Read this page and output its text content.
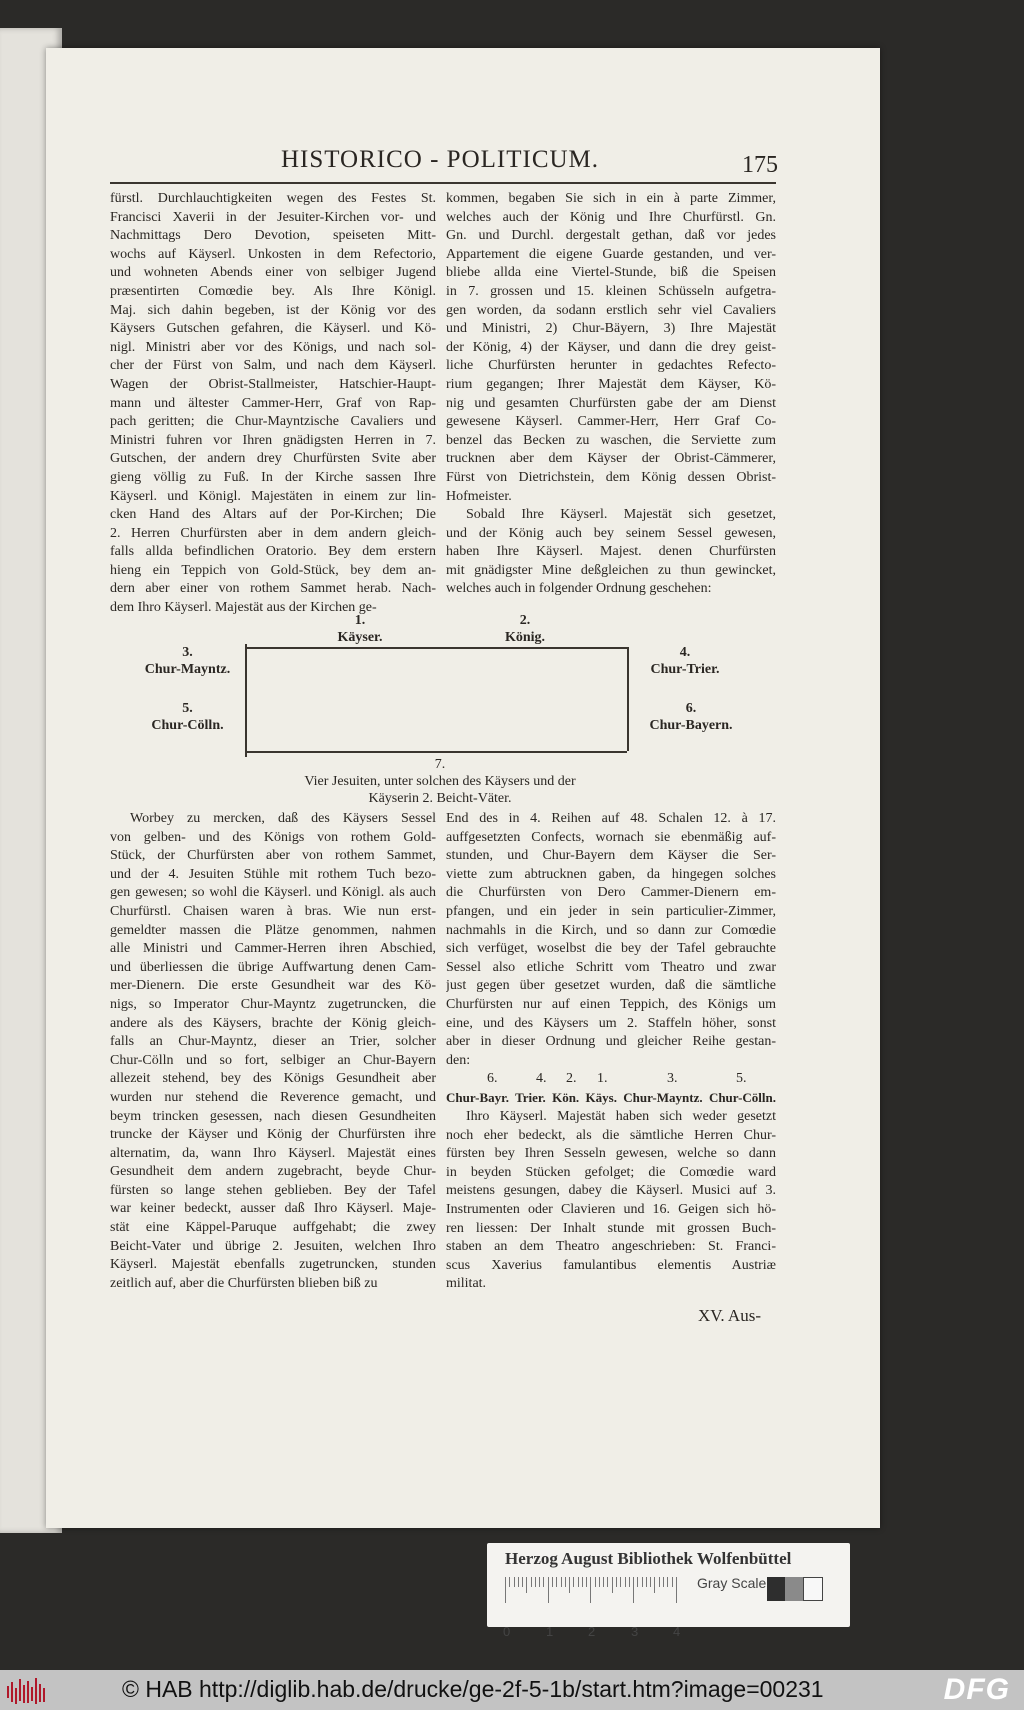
HISTORICO - POLITICUM.	175
fürstl. Durchlauchtigkeiten wegen des Festes St.
Francisci Xaverii in der Jesuiter-Kirchen vor- und
Nachmittags Dero Devotion, speiseten Mitt-
wochs auf Käyserl. Unkosten in dem Refectorio,
und wohneten Abends einer von selbiger Jugend
præsentirten Comœdie bey. Als Ihre Königl.
Maj. sich dahin begeben, ist der König vor des
Käysers Gutschen gefahren, die Käyserl. und Kö-
nigl. Ministri aber vor des Königs, und nach sol-
cher der Fürst von Salm, und nach dem Käyserl.
Wagen der Obrist-Stallmeister, Hatschier-Haupt-
mann und ältester Cammer-Herr, Graf von Rap-
pach geritten; die Chur-Mayntzische Cavaliers und
Ministri fuhren vor Ihren gnädigsten Herren in 7.
Gutschen, der andern drey Churfürsten Svite aber
gieng völlig zu Fuß. In der Kirche sassen Ihre
Käyserl. und Königl. Majestäten in einem zur lin-
cken Hand des Altars auf der Por-Kirchen; Die
2. Herren Churfürsten aber in dem andern gleich-
falls allda befindlichen Oratorio. Bey dem erstern
hieng ein Teppich von Gold-Stück, bey dem an-
dern aber einer von rothem Sammet herab. Nach-
dem Ihro Käyserl. Majestät aus der Kirchen ge-
kommen, begaben Sie sich in ein à parte Zimmer,
welches auch der König und Ihre Churfürstl. Gn.
Gn. und Durchl. dergestalt gethan, daß vor jedes
Appartement die eigene Guarde gestanden, und ver-
bliebe allda eine Viertel-Stunde, biß die Speisen
in 7. grossen und 15. kleinen Schüsseln aufgetra-
gen worden, da sodann erstlich sehr viel Cavaliers
und Ministri, 2) Chur-Bäyern, 3) Ihre Majestät
der König, 4) der Käyser, und dann die drey geist-
liche Churfürsten herunter in gedachtes Refecto-
rium gegangen; Ihrer Majestät dem Käyser, Kö-
nig und gesamten Churfürsten gabe der am Dienst
gewesene Käyserl. Cammer-Herr, Herr Graf Co-
benzel das Becken zu waschen, die Serviette zum
trucknen aber dem Käyser der Obrist-Cämmerer,
Fürst von Dietrichstein, dem König dessen Obrist-
Hofmeister.
Sobald Ihre Käyserl. Majestät sich gesetzet,
und der König auch bey seinem Sessel gewesen,
haben Ihre Käyserl. Majest. denen Churfürsten
mit gnädigster Mine deßgleichen zu thun gewincket,
welches auch in folgender Ordnung geschehen:
1.
Käyser.
2.
König.
3.
Chur-Mayntz.
5.
Chur-Cölln.
4.
Chur-Trier.
6.
Chur-Bayern.
7.
Vier Jesuiten, unter solchen des Käysers und der
Käyserin 2. Beicht-Väter.
Worbey zu mercken, daß des Käysers Sessel
von gelben- und des Königs von rothem Gold-
Stück, der Churfürsten aber von rothem Sammet,
und der 4. Jesuiten Stühle mit rothem Tuch bezo-
gen gewesen; so wohl die Käyserl. und Königl. als auch
Churfürstl. Chaisen waren à bras. Wie nun erst-
gemeldter massen die Plätze genommen, nahmen
alle Ministri und Cammer-Herren ihren Abschied,
und überliessen die übrige Auffwartung denen Cam-
mer-Dienern. Die erste Gesundheit war des Kö-
nigs, so Imperator Chur-Mayntz zugetruncken, die
andere als des Käysers, brachte der König gleich-
falls an Chur-Mayntz, dieser an Trier, solcher
Chur-Cölln und so fort, selbiger an Chur-Bayern
allezeit stehend, bey des Königs Gesundheit aber
wurden nur stehend die Reverence gemacht, und
beym trincken gesessen, nach diesen Gesundheiten
truncke der Käyser und König der Churfürsten ihre
alternatim, da, wann Ihro Käyserl. Majestät eines
Gesundheit dem andern zugebracht, beyde Chur-
fürsten so lange stehen geblieben. Bey der Tafel
war keiner bedeckt, ausser daß Ihro Käyserl. Maje-
stät eine Käppel-Paruque auffgehabt; die zwey
Beicht-Vater und übrige 2. Jesuiten, welchen Ihro
Käyserl. Majestät ebenfalls zugetruncken, stunden
zeitlich auf, aber die Churfürsten blieben biß zu
End des in 4. Reihen auf 48. Schalen 12. à 17.
auffgesetzten Confects, wornach sie ebenmäßig auf-
stunden, und Chur-Bayern dem Käyser die Ser-
viette zum abtrucknen gaben, da hingegen solches
die Churfürsten von Dero Cammer-Dienern em-
pfangen, und ein jeder in sein particulier-Zimmer,
nachmahls in die Kirch, und so dann zur Comœdie
sich verfüget, woselbst die bey der Tafel gebrauchte
Sessel also etliche Schritt vom Theatro und zwar
just gegen über gesetzet wurden, daß die sämtliche
Churfürsten nur auf einen Teppich, des Königs um
eine, und des Käysers um 2. Staffeln höher, sonst
aber in dieser Ordnung und gleicher Reihe gestan-
den:
6.	4. 2. 1.	3.	5.
Chur-Bayr. Trier. Kön. Käys. Chur-Mayntz. Chur-Cölln.
Ihro Käyserl. Majestät haben sich weder gesetzt
noch eher bedeckt, als die sämtliche Herren Chur-
fürsten bey Ihren Sesseln gewesen, welche so dann
in beyden Stücken gefolget; die Comœdie ward
meistens gesungen, dabey die Käyserl. Musici auf 3.
Instrumenten oder Clavieren und 16. Geigen sich hö-
ren liessen: Der Inhalt stunde mit grossen Buch-
staben an dem Theatro angeschrieben: St. Franci-
scus Xaverius famulantibus elementis Austriæ
militat.
XV. Aus-
Herzog August Bibliothek Wolfenbüttel
0	1	2	3	4
Gray Scale
© HAB http://diglib.hab.de/drucke/ge-2f-5-1b/start.htm?image=00231	DFG
